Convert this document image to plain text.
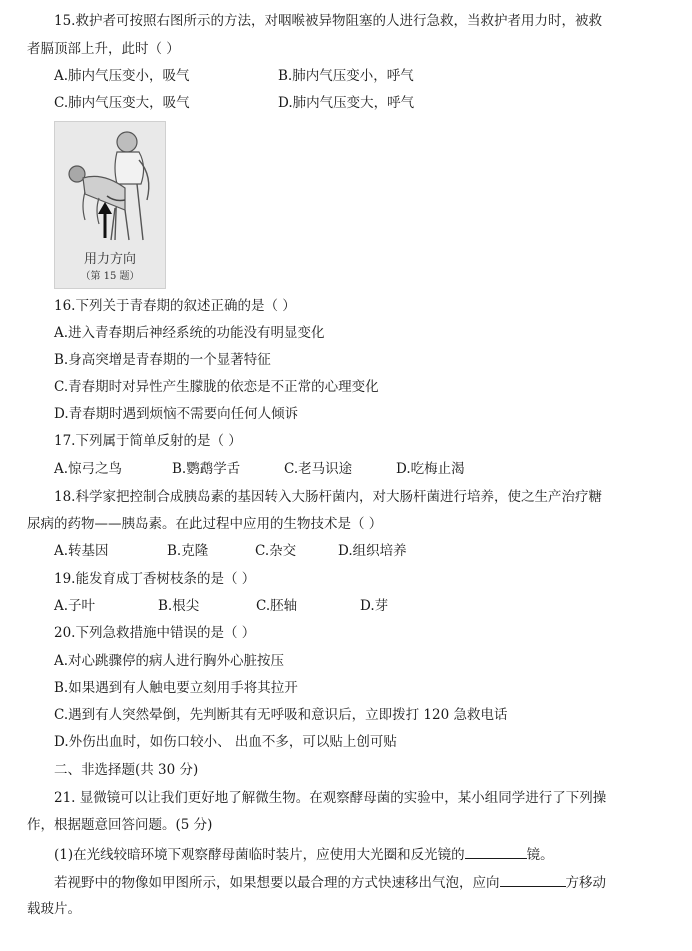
15.救护者可按照右图所示的方法，对咽喉被异物阻塞的人进行急救，当救护者用力时，被救
者膈顶部上升，此时（ ）
A.肺内气压变小，吸气	B.肺内气压变小，呼气
C.肺内气压变大，吸气	D.肺内气压变大，呼气
用力方向
（第 15 题）
16.下列关于青春期的叙述正确的是（ ）
A.进入青春期后神经系统的功能没有明显变化
B.身高突增是青春期的一个显著特征
C.青春期时对异性产生朦胧的依恋是不正常的心理变化
D.青春期时遇到烦恼不需要向任何人倾诉
17.下列属于简单反射的是（ ）
A.惊弓之鸟	B.鹦鹉学舌	C.老马识途	D.吃梅止渴
18.科学家把控制合成胰岛素的基因转入大肠杆菌内，对大肠杆菌进行培养，使之生产治疗糖
尿病的药物——胰岛素。在此过程中应用的生物技术是（ ）
A.转基因	B.克隆	C.杂交	D.组织培养
19.能发育成丁香树枝条的是（ ）
A.子叶	B.根尖	C.胚轴	D.芽
20.下列急救措施中错误的是（ ）
A.对心跳骤停的病人进行胸外心脏按压
B.如果遇到有人触电要立刻用手将其拉开
C.遇到有人突然晕倒，先判断其有无呼吸和意识后，立即拨打 120 急救电话
D.外伤出血时，如伤口较小、 出血不多，可以贴上创可贴
二、非选择题(共 30 分)
21. 显微镜可以让我们更好地了解微生物。在观察酵母菌的实验中，某小组同学进行了下列操
作，根据题意回答问题。(5 分)
(1)在光线较暗环境下观察酵母菌临时装片，应使用大光圈和反光镜的	镜。
若视野中的物像如甲图所示，如果想要以最合理的方式快速移出气泡，应向	方移动
载玻片。
